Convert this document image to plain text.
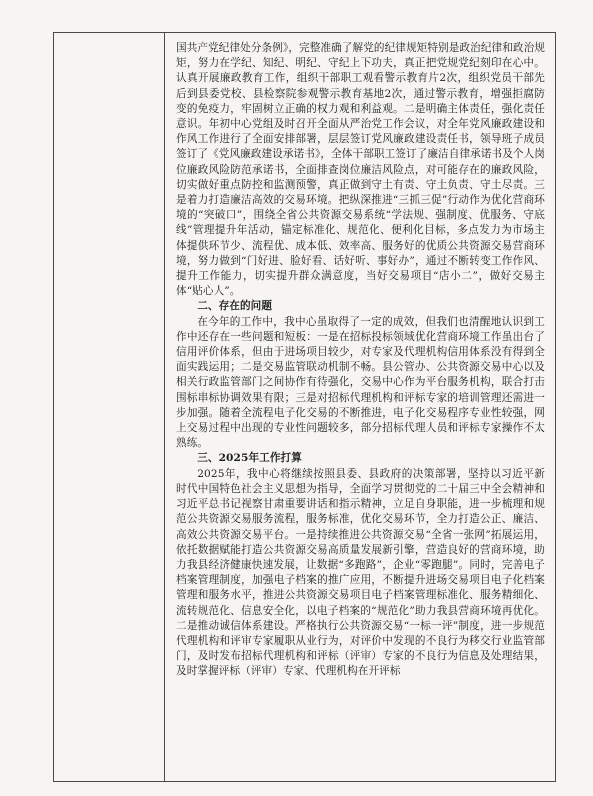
国共产党纪律处分条例》，完整准确了解党的纪律规矩特别是政治纪律和政治规矩，努力在学纪、知纪、明纪、守纪上下功夫，真正把党规党纪刻印在心中。认真开展廉政教育工作，组织干部职工观看警示教育片2次，组织党员干部先后到县委党校、县检察院参观警示教育基地2次，通过警示教育，增强拒腐防变的免疫力，牢固树立正确的权力观和利益观。二是明确主体责任，强化责任意识。年初中心党组及时召开全面从严治党工作会议，对全年党风廉政建设和作风工作进行了全面安排部署，层层签订党风廉政建设责任书，领导班子成员签订了《党风廉政建设承诺书》，全体干部职工签订了廉洁自律承诺书及个人岗位廉政风险防范承诺书，全面排查岗位廉洁风险点，对可能存在的廉政风险，切实做好重点防控和监测预警，真正做到守土有责、守土负责、守土尽责。三是着力打造廉洁高效的交易环境。把纵深推进“三抓三促”行动作为优化营商环境的“突破口”，围绕全省公共资源交易系统“学法规、强制度、优服务、守底线”管理提升年活动，锚定标准化、规范化、便利化目标，多点发力为市场主体提供环节少、流程优、成本低、效率高、服务好的优质公共资源交易营商环境，努力做到“门好进、脸好看、话好听、事好办”，通过不断转变工作作风、提升工作能力，切实提升群众满意度，当好交易项目“店小二”，做好交易主体“贴心人”。

二、存在的问题

在今年的工作中，我中心虽取得了一定的成效，但我们也清醒地认识到工作中还存在一些问题和短板：一是在招标投标领域优化营商环境工作虽出台了信用评价体系，但由于进场项目较少，对专家及代理机构信用体系没有得到全面实践运用；二是交易监管联动机制不畅。县公管办、公共资源交易中心以及相关行政监管部门之间协作有待强化，交易中心作为平台服务机构，联合打击围标串标协调效果有限；三是对招标代理机构和评标专家的培训管理还需进一步加强。随着全流程电子化交易的不断推进，电子化交易程序专业性较强，网上交易过程中出现的专业性问题较多，部分招标代理人员和评标专家操作不太熟练。

三、2025年工作打算

2025年，我中心将继续按照县委、县政府的决策部署，坚持以习近平新时代中国特色社会主义思想为指导，全面学习贯彻党的二十届三中全会精神和习近平总书记视察甘肃重要讲话和指示精神，立足自身职能，进一步梳理和规范公共资源交易服务流程，服务标准，优化交易环节，全力打造公正、廉洁、高效公共资源交易平台。一是持续推进公共资源交易“全省一张网”拓展运用，依托数据赋能打造公共资源交易高质量发展新引擎，营造良好的营商环境，助力我县经济健康快速发展，让数据“多跑路”，企业“零跑腿”。同时，完善电子档案管理制度，加强电子档案的推广应用，不断提升进场交易项目电子化档案管理和服务水平，推进公共资源交易项目电子档案管理标准化、服务精细化、流转规范化、信息安全化，以电子档案的“规范化”助力我县营商环境再优化。二是推动诚信体系建设。严格执行公共资源交易“一标一评”制度，进一步规范代理机构和评审专家履职从业行为，对评价中发现的不良行为移交行业监管部门，及时发布招标代理机构和评标（评审）专家的不良行为信息及处理结果，及时掌握评标（评审）专家、代理机构在开评标
